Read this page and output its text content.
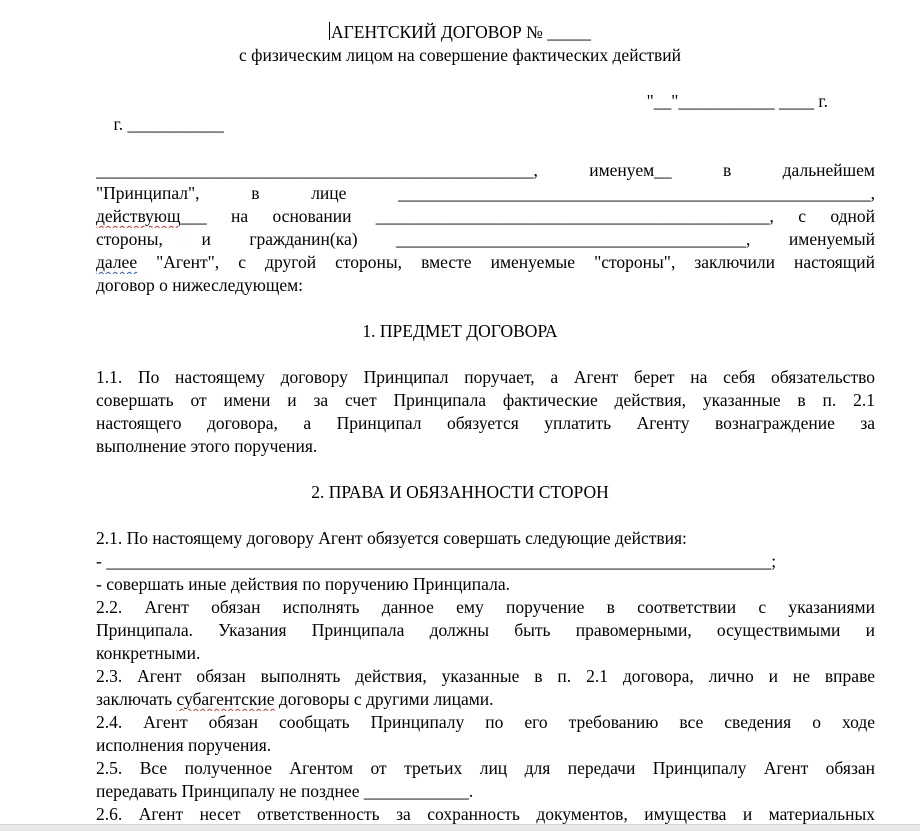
АГЕНТСКИЙ ДОГОВОР № _____

с физическим лицом на совершение фактических действий

г. ___________

"__"___________ ____ г.

__________________________________________________, именуем__ в дальнейшем

"Принципал", в лице ______________________________________________________,

действующ___ на основании _____________________________________________, с одной

стороны, и гражданин(ка) ________________________________________, именуемый

далее "Агент", с другой стороны, вместе именуемые "стороны", заключили настоящий

договор о нижеследующем:

1. ПРЕДМЕТ ДОГОВОРА

1.1. По настоящему договору Принципал поручает, а Агент берет на себя обязательство

совершать от имени и за счет Принципала фактические действия, указанные в п. 2.1

настоящего договора, а Принципал обязуется уплатить Агенту вознаграждение за

выполнение этого поручения.

2. ПРАВА И ОБЯЗАННОСТИ СТОРОН

2.1. По настоящему договору Агент обязуется совершать следующие действия:

- ____________________________________________________________________________;

- совершать иные действия по поручению Принципала.

2.2. Агент обязан исполнять данное ему поручение в соответствии с указаниями

Принципала. Указания Принципала должны быть правомерными, осуществимыми и

конкретными.

2.3. Агент обязан выполнять действия, указанные в п. 2.1 договора, лично и не вправе

заключать субагентские договоры с другими лицами.

2.4. Агент обязан сообщать Принципалу по его требованию все сведения о ходе

исполнения поручения.

2.5. Все полученное Агентом от третьих лиц для передачи Принципалу Агент обязан

передавать Принципалу не позднее ____________.

2.6. Агент несет ответственность за сохранность документов, имущества и материальных
